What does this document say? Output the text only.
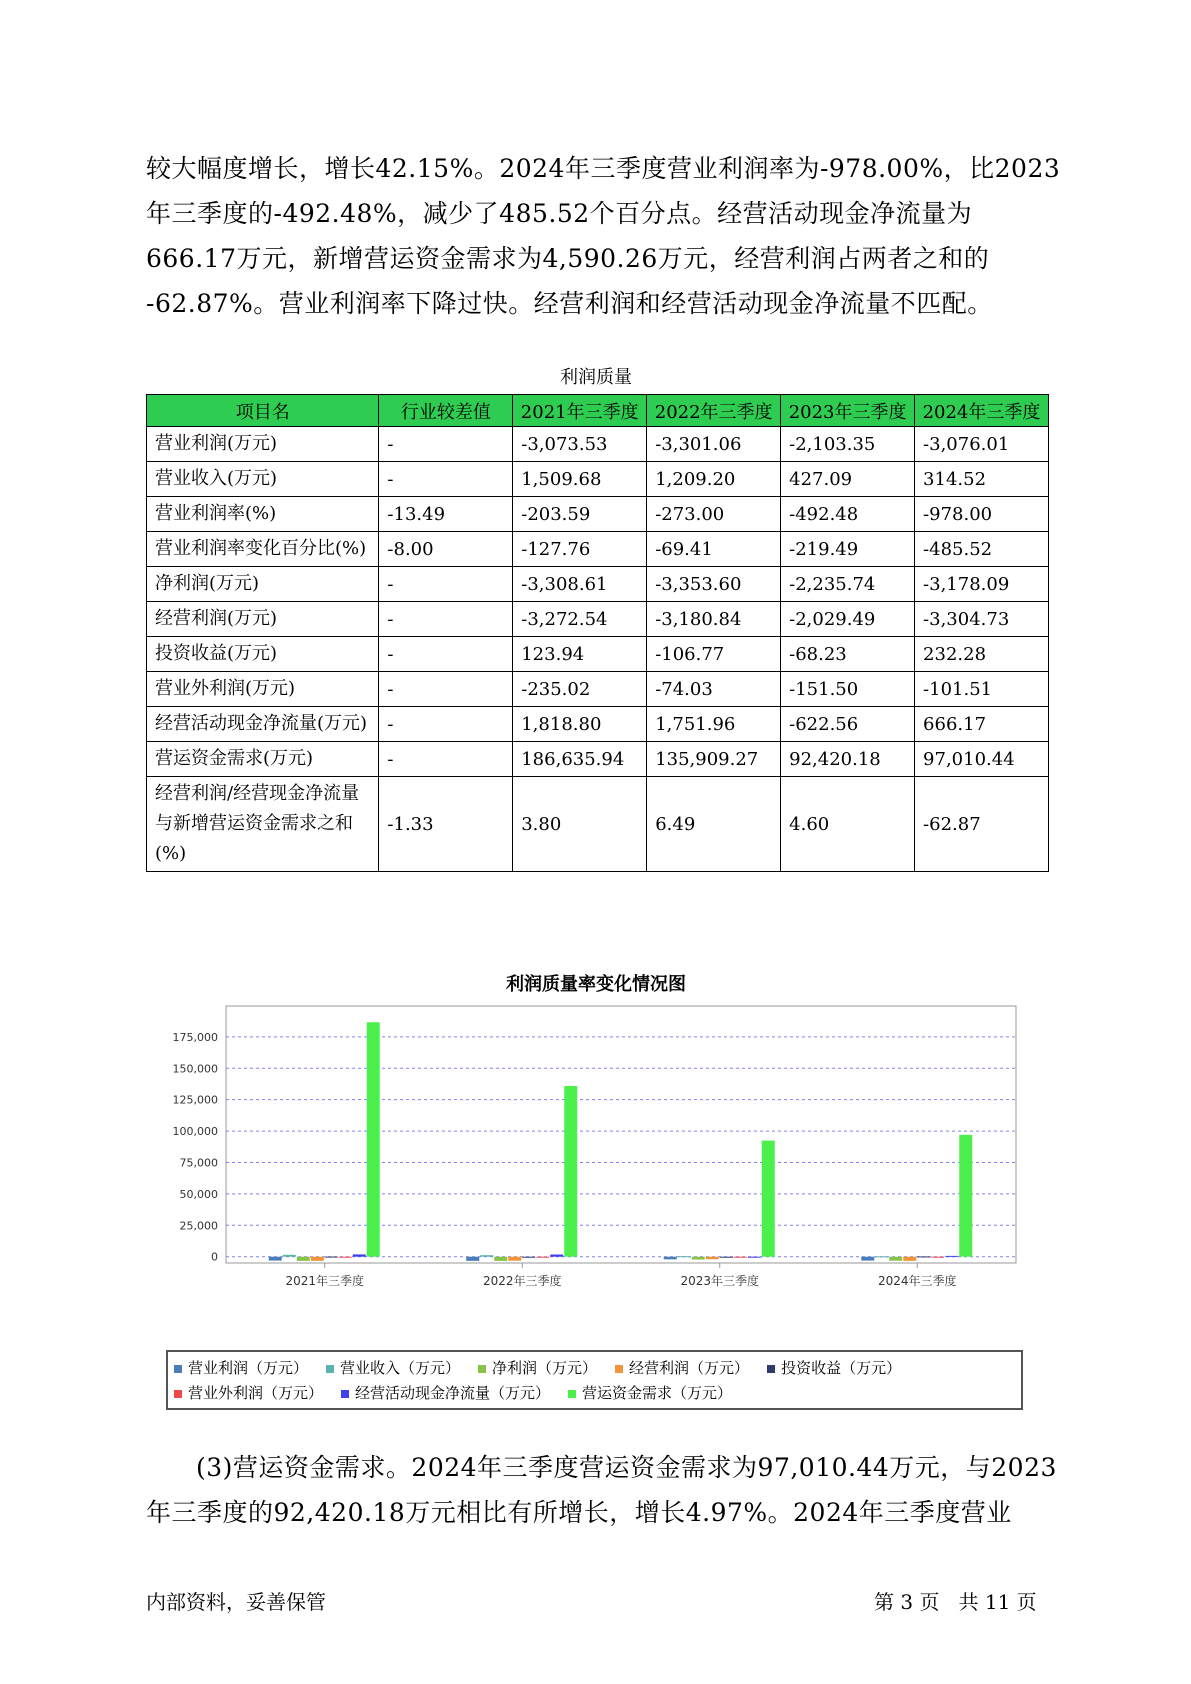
较大幅度增长，增长42.15%。2024年三季度营业利润率为-978.00%，比2023

年三季度的-492.48%，减少了485.52个百分点。经营活动现金净流量为

666.17万元，新增营运资金需求为4,590.26万元，经营利润占两者之和的

-62.87%。营业利润率下降过快。经营利润和经营活动现金净流量不匹配。

利润质量
项目名	行业较差值	2021年三季度	2022年三季度	2023年三季度	2024年三季度
营业利润(万元)	-	-3,073.53	-3,301.06	-2,103.35	-3,076.01
营业收入(万元)	-	1,509.68	1,209.20	427.09	314.52
营业利润率(%)	-13.49	-203.59	-273.00	-492.48	-978.00
营业利润率变化百分比(%)	-8.00	-127.76	-69.41	-219.49	-485.52
净利润(万元)	-	-3,308.61	-3,353.60	-2,235.74	-3,178.09
经营利润(万元)	-	-3,272.54	-3,180.84	-2,029.49	-3,304.73
投资收益(万元)	-	123.94	-106.77	-68.23	232.28
营业外利润(万元)	-	-235.02	-74.03	-151.50	-101.51
经营活动现金净流量(万元)	-	1,818.80	1,751.96	-622.56	666.17
营运资金需求(万元)	-	186,635.94	135,909.27	92,420.18	97,010.44
经营利润/经营现金净流量与新增营运资金需求之和(%)	-1.33	3.80	6.49	4.60	-62.87
利润质量率变化情况图
0
25,000
50,000
75,000
100,000
125,000
150,000
175,000
2021年三季度	2022年三季度	2023年三季度	2024年三季度
营业利润（万元） 营业收入（万元） 净利润（万元） 经营利润（万元） 投资收益（万元）
营业外利润（万元） 经营活动现金净流量（万元） 营运资金需求（万元）

(3)营运资金需求。2024年三季度营运资金需求为97,010.44万元，与2023

年三季度的92,420.18万元相比有所增长，增长4.97%。2024年三季度营业

内部资料，妥善保管	第 3 页   共 11 页
